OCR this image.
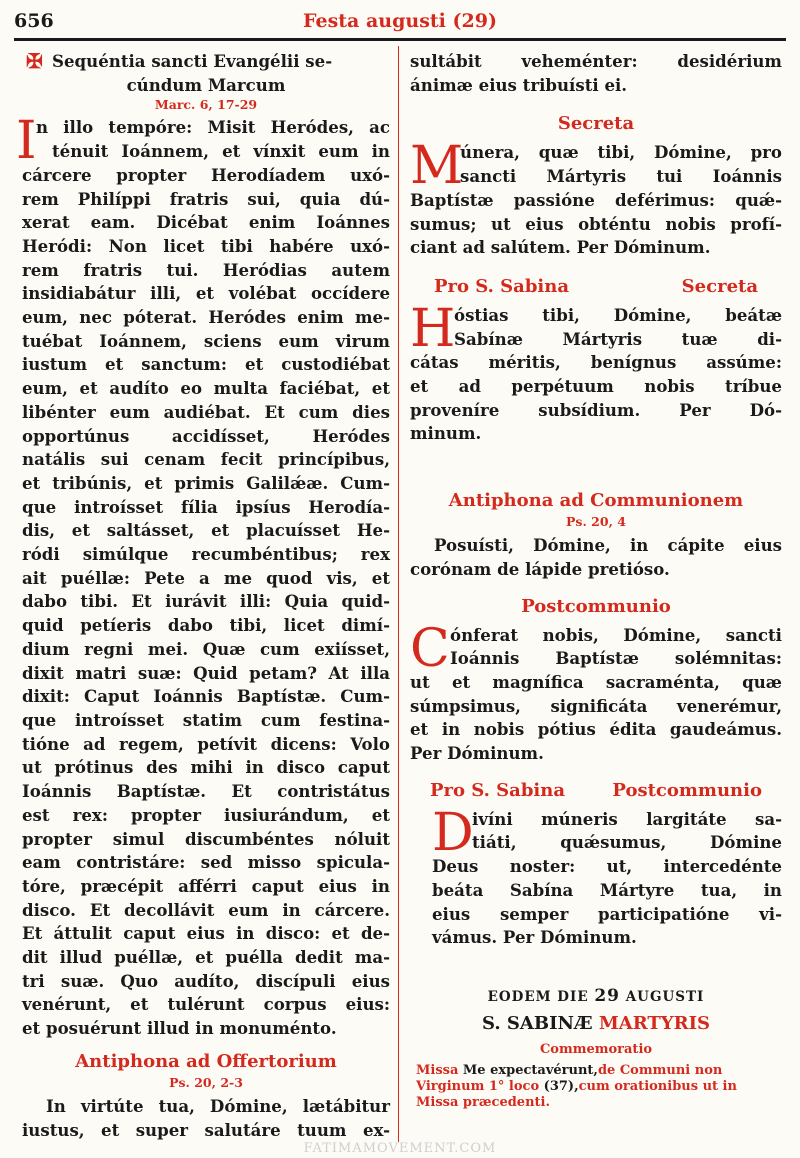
656	Festa augusti (29)
✠ Sequéntia sancti Evangélii se-
cúndum Marcum
Marc. 6, 17-29
I n illo tempóre: Misit Heródes, ac
ténuit Ioánnem, et vínxit eum in
cárcere propter Herodíadem uxó-
rem Philíppi fratris sui, quia dú-
xerat eam. Dicébat enim Ioánnes
Heródi: Non licet tibi habére uxó-
rem fratris tui. Heródias autem
insidiabátur illi, et volébat occídere
eum, nec póterat. Heródes enim me-
tuébat Ioánnem, sciens eum virum
iustum et sanctum: et custodiébat
eum, et audíto eo multa faciébat, et
libénter eum audiébat. Et cum dies
opportúnus accidísset, Heródes
natális sui cenam fecit princípibus,
et tribúnis, et primis Galilǽæ. Cum-
que introísset fília ipsíus Herodía-
dis, et saltásset, et placuísset He-
ródi simúlque recumbéntibus; rex
ait puéllæ: Pete a me quod vis, et
dabo tibi. Et iurávit illi: Quia quid-
quid petíeris dabo tibi, licet dimí-
dium regni mei. Quæ cum exiísset,
dixit matri suæ: Quid petam? At illa
dixit: Caput Ioánnis Baptístæ. Cum-
que introísset statim cum festina-
tióne ad regem, petívit dicens: Volo
ut prótinus des mihi in disco caput
Ioánnis Baptístæ. Et contristátus
est rex: propter iusiurándum, et
propter simul discumbéntes nóluit
eam contristáre: sed misso spicula-
tóre, præcépit afférri caput eius in
disco. Et decollávit eum in cárcere.
Et áttulit caput eius in disco: et de-
dit illud puéllæ, et puélla dedit ma-
tri suæ. Quo audíto, discípuli eius
venérunt, et tulérunt corpus eius:
et posuérunt illud in monuménto.
Antiphona ad Offertorium
Ps. 20, 2-3
In virtúte tua, Dómine, lætábitur
iustus, et super salutáre tuum ex-
sultábit veheménter: desidérium
ánimæ eius tribuísti ei.
Secreta
M
únera, quæ tibi, Dómine, pro
sancti Mártyris tui Ioánnis
Baptístæ passióne deférimus: quǽ-
sumus; ut eius obténtu nobis profí-
ciant ad salútem. Per Dóminum.
Pro S. Sabina	Secreta
H
óstias tibi, Dómine, beátæ
Sabínæ Mártyris tuæ di-
cátas méritis, benígnus assúme:
et ad perpétuum nobis tríbue
proveníre subsídium. Per Dó-
minum.
Antiphona ad Communionem
Ps. 20, 4
Posuísti, Dómine, in cápite eius
corónam de lápide pretióso.
Postcommunio
C ónferat nobis, Dómine, sancti
Ioánnis Baptístæ solémnitas:
ut et magnífica sacraménta, quæ
súmpsimus, significáta venerémur,
et in nobis pótius édita gaudeámus.
Per Dóminum.
Pro S. Sabina	Postcommunio
D
ivíni múneris largitáte sa-
tiáti, quǽsumus, Dómine
Deus noster: ut, intercedénte
beáta Sabína Mártyre tua, in
eius semper participatióne vi-
vámus. Per Dóminum.
EODEM DIE 29 AUGUSTI
S. SABINÆ MARTYRIS
Commemoratio
Missa Me expectavérunt,de Communi non
Virginum 1° loco (37),cum orationibus ut in
Missa præcedenti.
FATIMAMOVEMENT.COM
